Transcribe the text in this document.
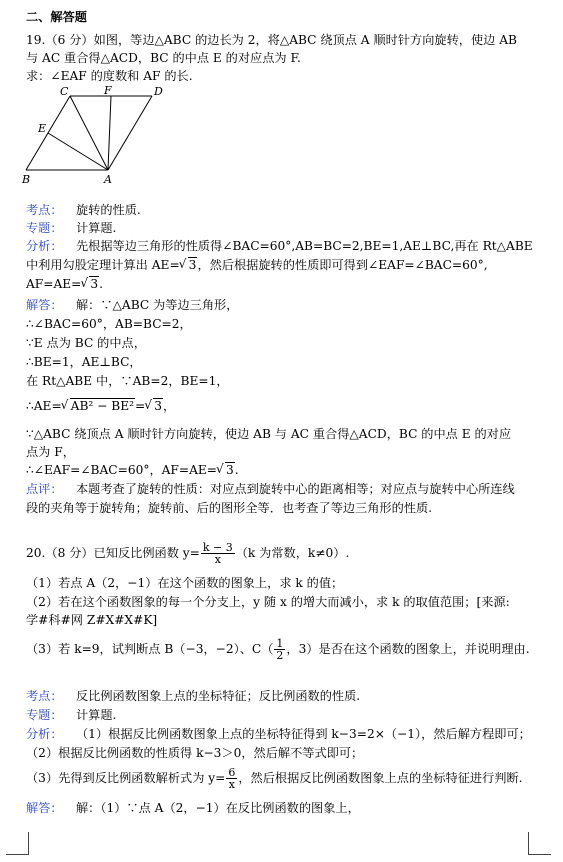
二、解答题
19.（6 分）如图，等边△ABC 的边长为 2，将△ABC 绕顶点 A 顺时针方向旋转，使边 AB
与 AC 重合得△ACD，BC 的中点 E 的对应点为 F.
求：∠EAF 的度数和 AF 的长.
C	F	D
E
B	A
考点： 旋转的性质.
专题： 计算题.
分析： 先根据等边三角形的性质得∠BAC=60°,AB=BC=2,BE=1,AE⊥BC,再在 Rt△ABE
中利用勾股定理计算出 AE= √ 3，然后根据旋转的性质即可得到∠EAF=∠BAC=60°,
AF=AE= √ 3.
解答： 解：∵△ABC 为等边三角形，
∴∠BAC=60°，AB=BC=2，
∵E 点为 BC 的中点，
∴BE=1，AE⊥BC，
在 Rt△ABE 中，∵AB=2，BE=1，
∴AE= √ AB² − BE²= √ 3，
∵△ABC 绕顶点 A 顺时针方向旋转，使边 AB 与 AC 重合得△ACD，BC 的中点 E 的对应
点为 F，
∴∠EAF=∠BAC=60°，AF=AE= √ 3.
点评： 本题考查了旋转的性质：对应点到旋转中心的距离相等；对应点与旋转中心所连线
段的夹角等于旋转角；旋转前、后的图形全等．也考查了等边三角形的性质.
20.（8 分）已知反比例函数 $y= \frac{k - 3}{x} (k$ 为常数，k≠0）.
（1）若点 A（2，−1）在这个函数的图象上，求 k 的值；
（2）若在这个函数图象的每一个分支上，y 随 x 的增大而减小，求 k 的取值范围；[来源:
学#科#网 Z#X#X#K]
（3）若 k=9，试判断点 B（−3，−2）、$C( \frac{1}{2}$ ，3）是否在这个函数的图象上，并说明理由.
考点： 反比例函数图象上点的坐标特征；反比例函数的性质.
专题： 计算题.
分析： （1）根据反比例函数图象上点的坐标特征得到 k−3=2×（−1），然后解方程即可；
（2）根据反比例函数的性质得 k−3＞0，然后解不等式即可；
（3）先得到反比例函数解析式为 $y= \frac{6}{x}$ ，然后根据反比例函数图象上点的坐标特征进行判断.
解答： 解：（1）∵点 A（2，−1）在反比例函数的图象上，
